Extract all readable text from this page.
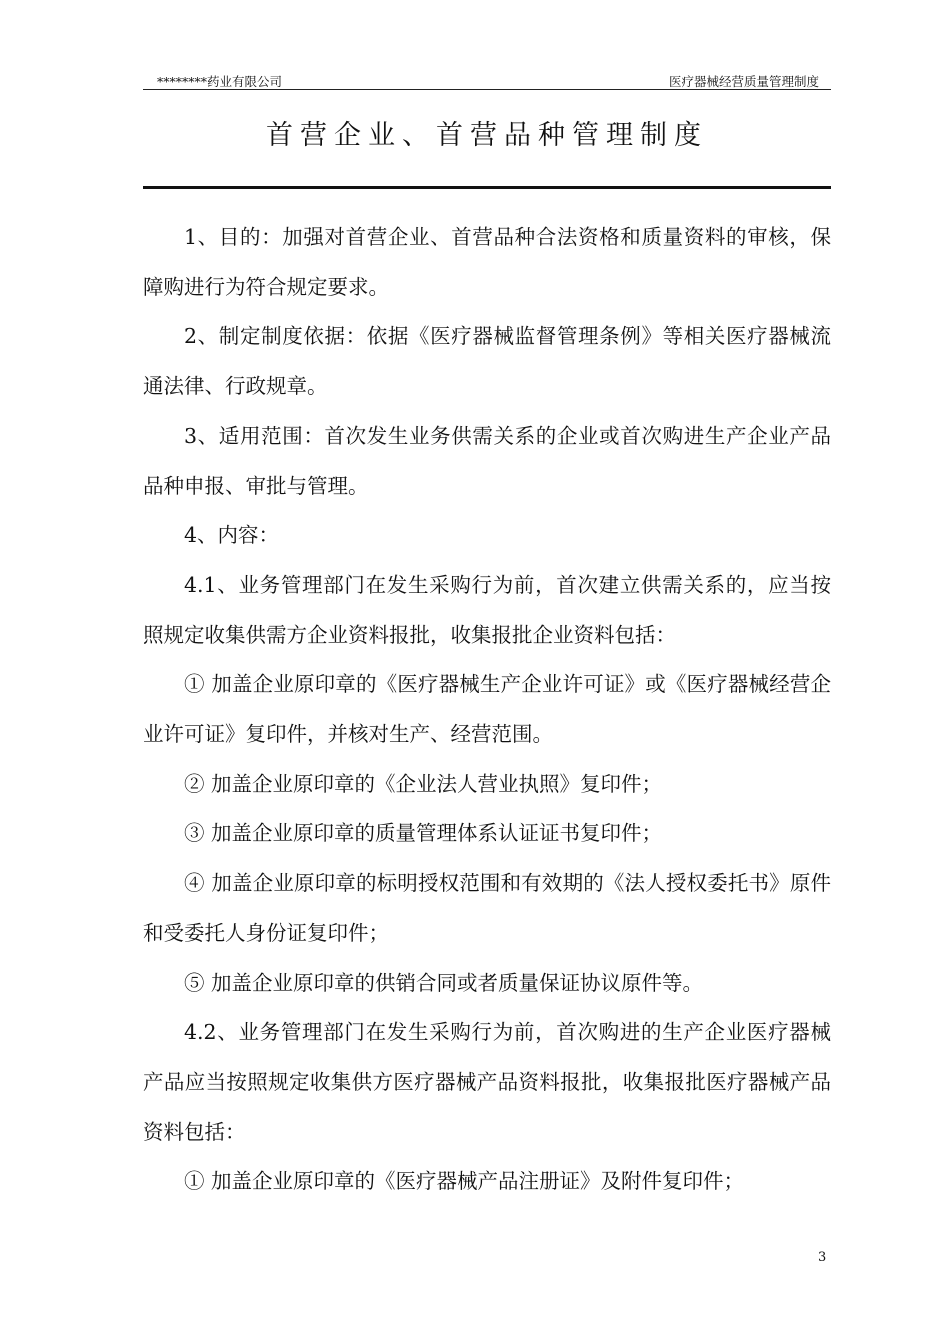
********药业有限公司	医疗器械经营质量管理制度
首营企业、首营品种管理制度

1、目的：加强对首营企业、首营品种合法资格和质量资料的审核，保障购进行为符合规定要求。

2、制定制度依据：依据《医疗器械监督管理条例》等相关医疗器械流通法律、行政规章。

3、适用范围：首次发生业务供需关系的企业或首次购进生产企业产品品种申报、审批与管理。

4、内容：

4.1、业务管理部门在发生采购行为前，首次建立供需关系的，应当按照规定收集供需方企业资料报批，收集报批企业资料包括：

① 加盖企业原印章的《医疗器械生产企业许可证》或《医疗器械经营企业许可证》复印件，并核对生产、经营范围。

② 加盖企业原印章的《企业法人营业执照》复印件；

③ 加盖企业原印章的质量管理体系认证证书复印件；

④ 加盖企业原印章的标明授权范围和有效期的《法人授权委托书》原件和受委托人身份证复印件；

⑤ 加盖企业原印章的供销合同或者质量保证协议原件等。

4.2、业务管理部门在发生采购行为前，首次购进的生产企业医疗器械产品应当按照规定收集供方医疗器械产品资料报批，收集报批医疗器械产品资料包括：

① 加盖企业原印章的《医疗器械产品注册证》及附件复印件；

3
